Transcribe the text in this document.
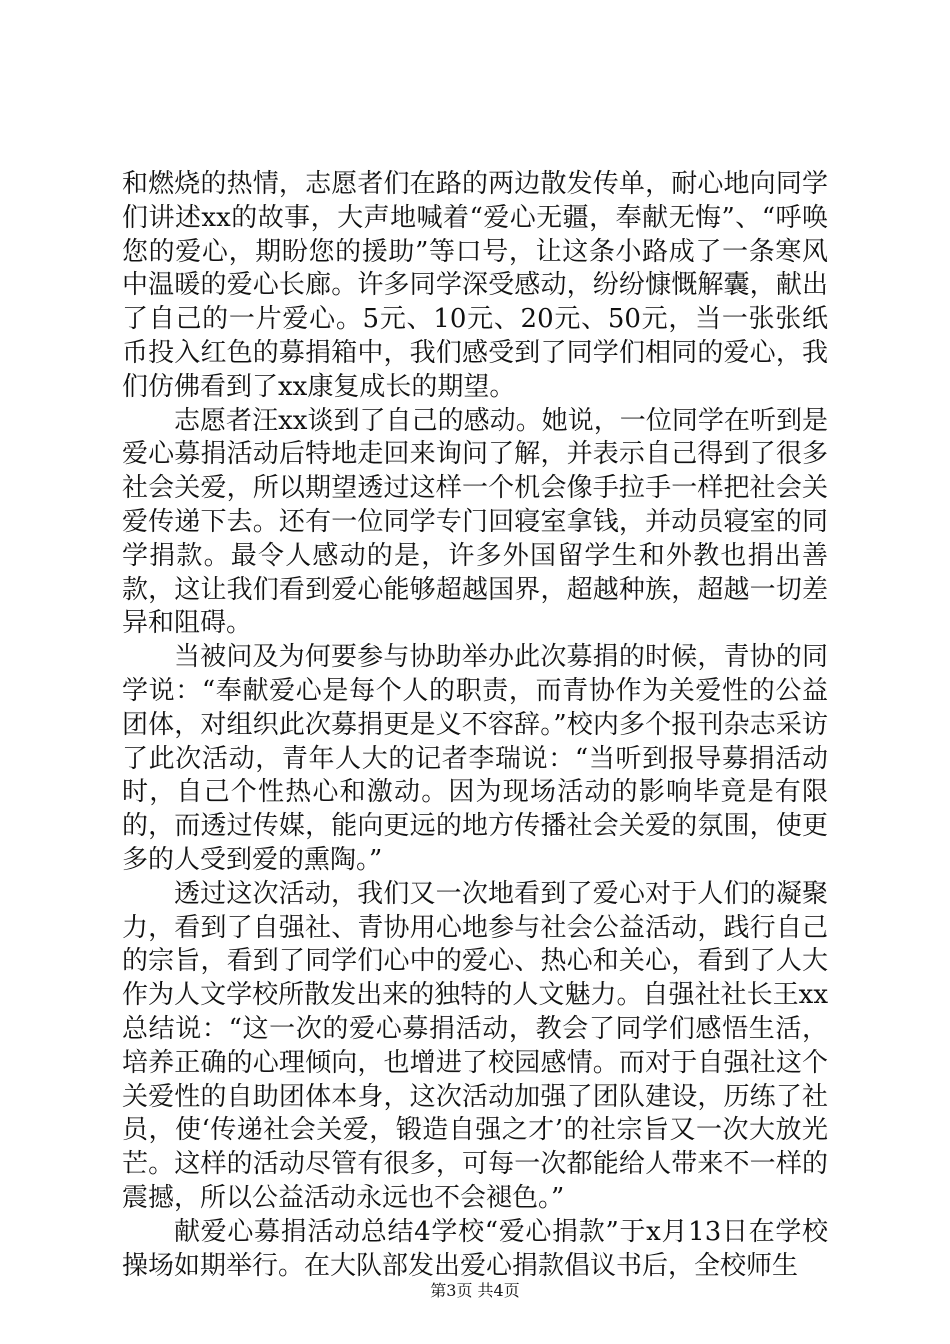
和燃烧的热情，志愿者们在路的两边散发传单，耐心地向同学们讲述xx的故事，大声地喊着“爱心无疆，奉献无悔”、“呼唤您的爱心，期盼您的援助”等口号，让这条小路成了一条寒风中温暖的爱心长廊。许多同学深受感动，纷纷慷慨解囊，献出了自己的一片爱心。5元、10元、20元、50元，当一张张纸币投入红色的募捐箱中，我们感受到了同学们相同的爱心，我们仿佛看到了xx康复成长的期望。

志愿者汪xx谈到了自己的感动。她说，一位同学在听到是爱心募捐活动后特地走回来询问了解，并表示自己得到了很多社会关爱，所以期望透过这样一个机会像手拉手一样把社会关爱传递下去。还有一位同学专门回寝室拿钱，并动员寝室的同学捐款。最令人感动的是，许多外国留学生和外教也捐出善款，这让我们看到爱心能够超越国界，超越种族，超越一切差异和阻碍。

当被问及为何要参与协助举办此次募捐的时候，青协的同学说：“奉献爱心是每个人的职责，而青协作为关爱性的公益团体，对组织此次募捐更是义不容辞。”校内多个报刊杂志采访了此次活动，青年人大的记者李瑞说：“当听到报导募捐活动时，自己个性热心和激动。因为现场活动的影响毕竟是有限的，而透过传媒，能向更远的地方传播社会关爱的氛围，使更多的人受到爱的熏陶。”

透过这次活动，我们又一次地看到了爱心对于人们的凝聚力，看到了自强社、青协用心地参与社会公益活动，践行自己的宗旨，看到了同学们心中的爱心、热心和关心，看到了人大作为人文学校所散发出来的独特的人文魅力。自强社社长王xx总结说：“这一次的爱心募捐活动，教会了同学们感悟生活，培养正确的心理倾向，也增进了校园感情。而对于自强社这个关爱性的自助团体本身，这次活动加强了团队建设，历练了社员，使‘传递社会关爱，锻造自强之才’的社宗旨又一次大放光芒。这样的活动尽管有很多，可每一次都能给人带来不一样的震撼，所以公益活动永远也不会褪色。”

献爱心募捐活动总结4学校“爱心捐款”于x月13日在学校操场如期举行。在大队部发出爱心捐款倡议书后，全校师生

第3页 共4页
